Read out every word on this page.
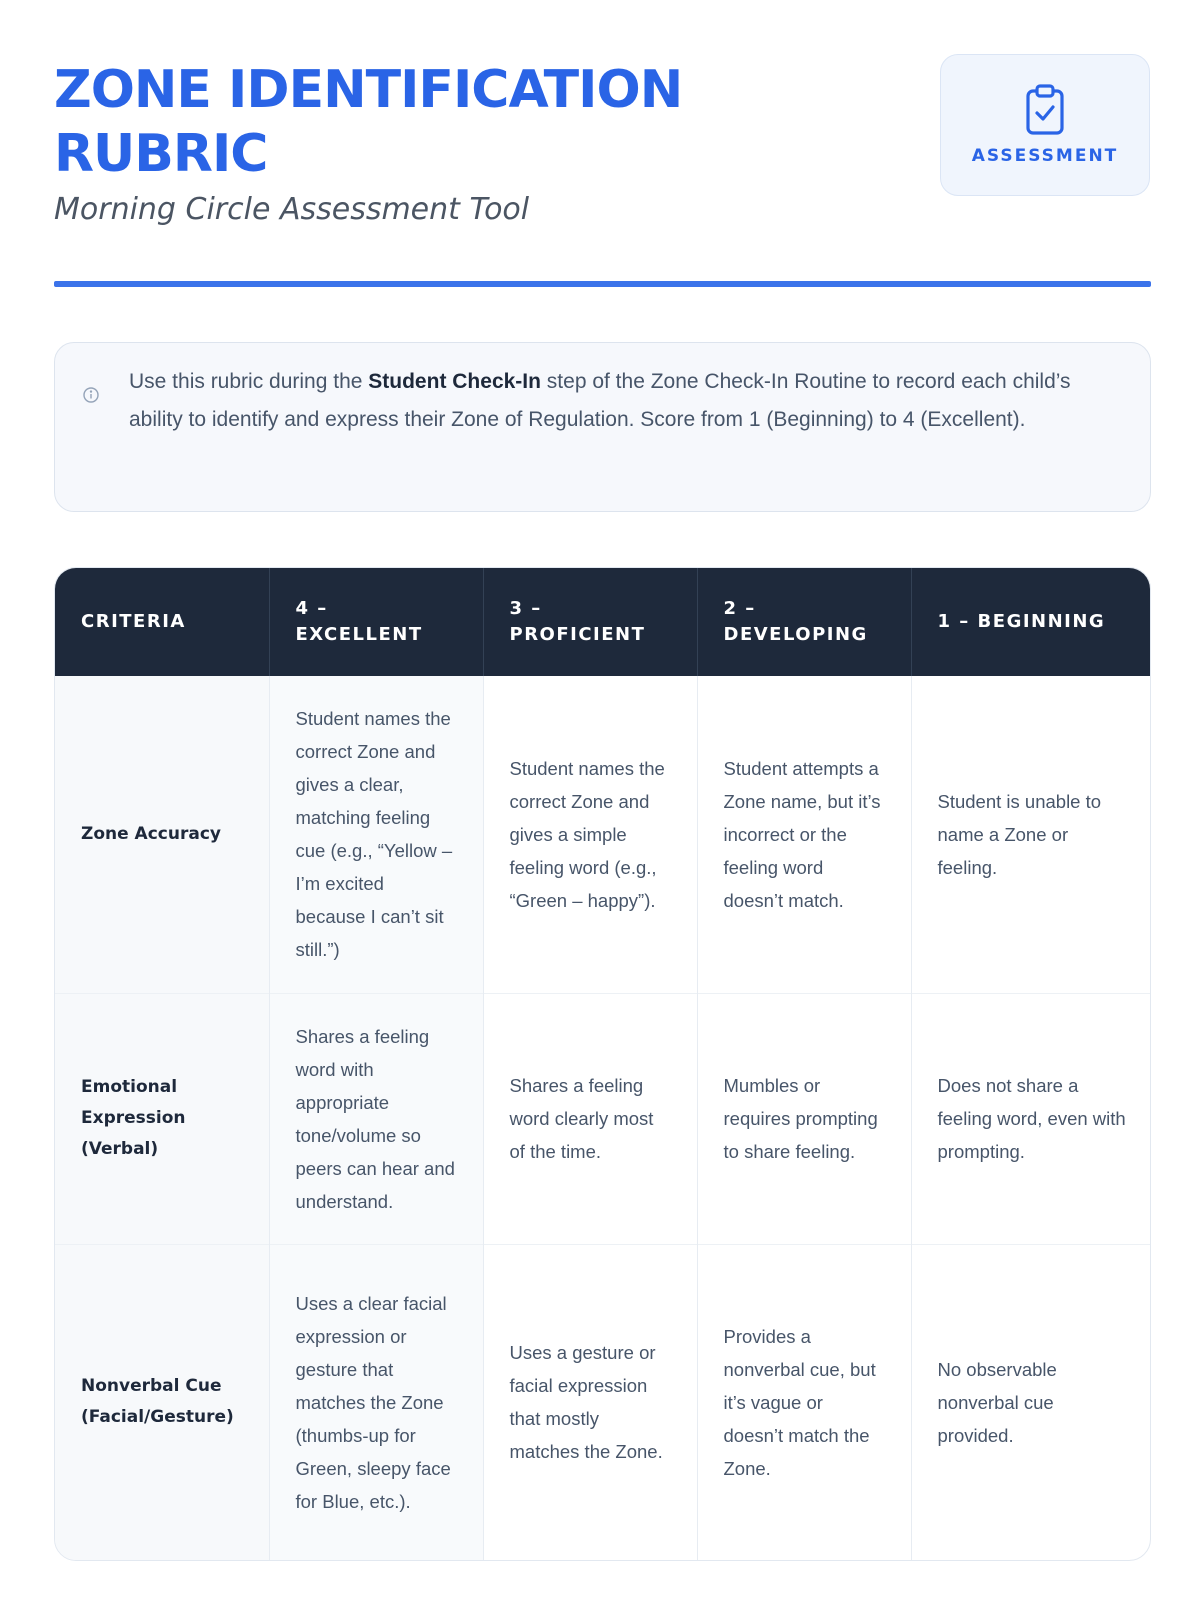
ZONE IDENTIFICATION RUBRIC
Morning Circle Assessment Tool
ASSESSMENT

Use this rubric during the Student Check-In step of the Zone Check-In Routine to record each child’s ability to identify and express their Zone of Regulation. Score from 1 (Beginning) to 4 (Excellent).

CRITERIA	4 – EXCELLENT	3 – PROFICIENT	2 – DEVELOPING	1 – BEGINNING
Zone Accuracy	Student names the correct Zone and gives a clear, matching feeling cue (e.g., “Yellow – I’m excited because I can’t sit still.”)	Student names the correct Zone and gives a simple feeling word (e.g., “Green – happy”).	Student attempts a Zone name, but it’s incorrect or the feeling word doesn’t match.	Student is unable to name a Zone or feeling.
Emotional Expression (Verbal)	Shares a feeling word with appropriate tone/volume so peers can hear and understand.	Shares a feeling word clearly most of the time.	Mumbles or requires prompting to share feeling.	Does not share a feeling word, even with prompting.
Nonverbal Cue (Facial/Gesture)	Uses a clear facial expression or gesture that matches the Zone (thumbs-up for Green, sleepy face for Blue, etc.).	Uses a gesture or facial expression that mostly matches the Zone.	Provides a nonverbal cue, but it’s vague or doesn’t match the Zone.	No observable nonverbal cue provided.
